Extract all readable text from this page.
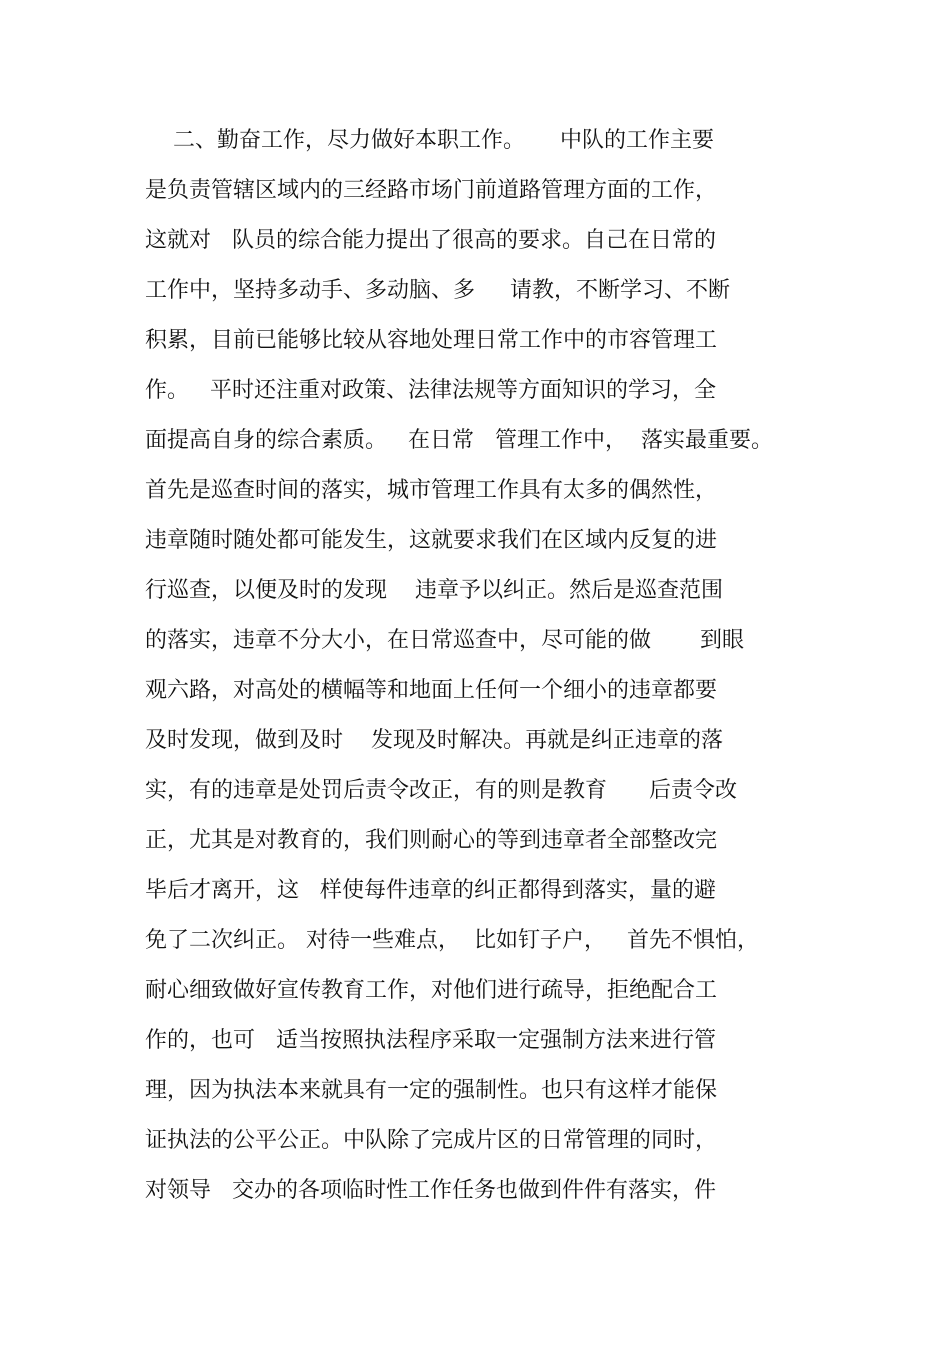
二、勤奋工作，尽力做好本职工作。     中队的工作主要
是负责管辖区域内的三经路市场门前道路管理方面的工作，
这就对   队员的综合能力提出了很高的要求。自己在日常的
工作中，坚持多动手、多动脑、多     请教，不断学习、不断
积累，目前已能够比较从容地处理日常工作中的市容管理工
作。   平时还注重对政策、法律法规等方面知识的学习，全
面提高自身的综合素质。   在日常   管理工作中，  落实最重要。
首先是巡查时间的落实，城市管理工作具有太多的偶然性，
违章随时随处都可能发生，这就要求我们在区域内反复的进
行巡查，以便及时的发现    违章予以纠正。然后是巡查范围
的落实，违章不分大小，在日常巡查中，尽可能的做       到眼
观六路，对高处的横幅等和地面上任何一个细小的违章都要
及时发现，做到及时    发现及时解决。再就是纠正违章的落
实，有的违章是处罚后责令改正，有的则是教育      后责令改
正，尤其是对教育的，我们则耐心的等到违章者全部整改完
毕后才离开，这   样使每件违章的纠正都得到落实，量的避
免了二次纠正。 对待一些难点，  比如钉子户，   首先不惧怕，
耐心细致做好宣传教育工作，对他们进行疏导，拒绝配合工
作的，也可   适当按照执法程序采取一定强制方法来进行管
理，因为执法本来就具有一定的强制性。也只有这样才能保
证执法的公平公正。中队除了完成片区的日常管理的同时，
对领导   交办的各项临时性工作任务也做到件件有落实，件
